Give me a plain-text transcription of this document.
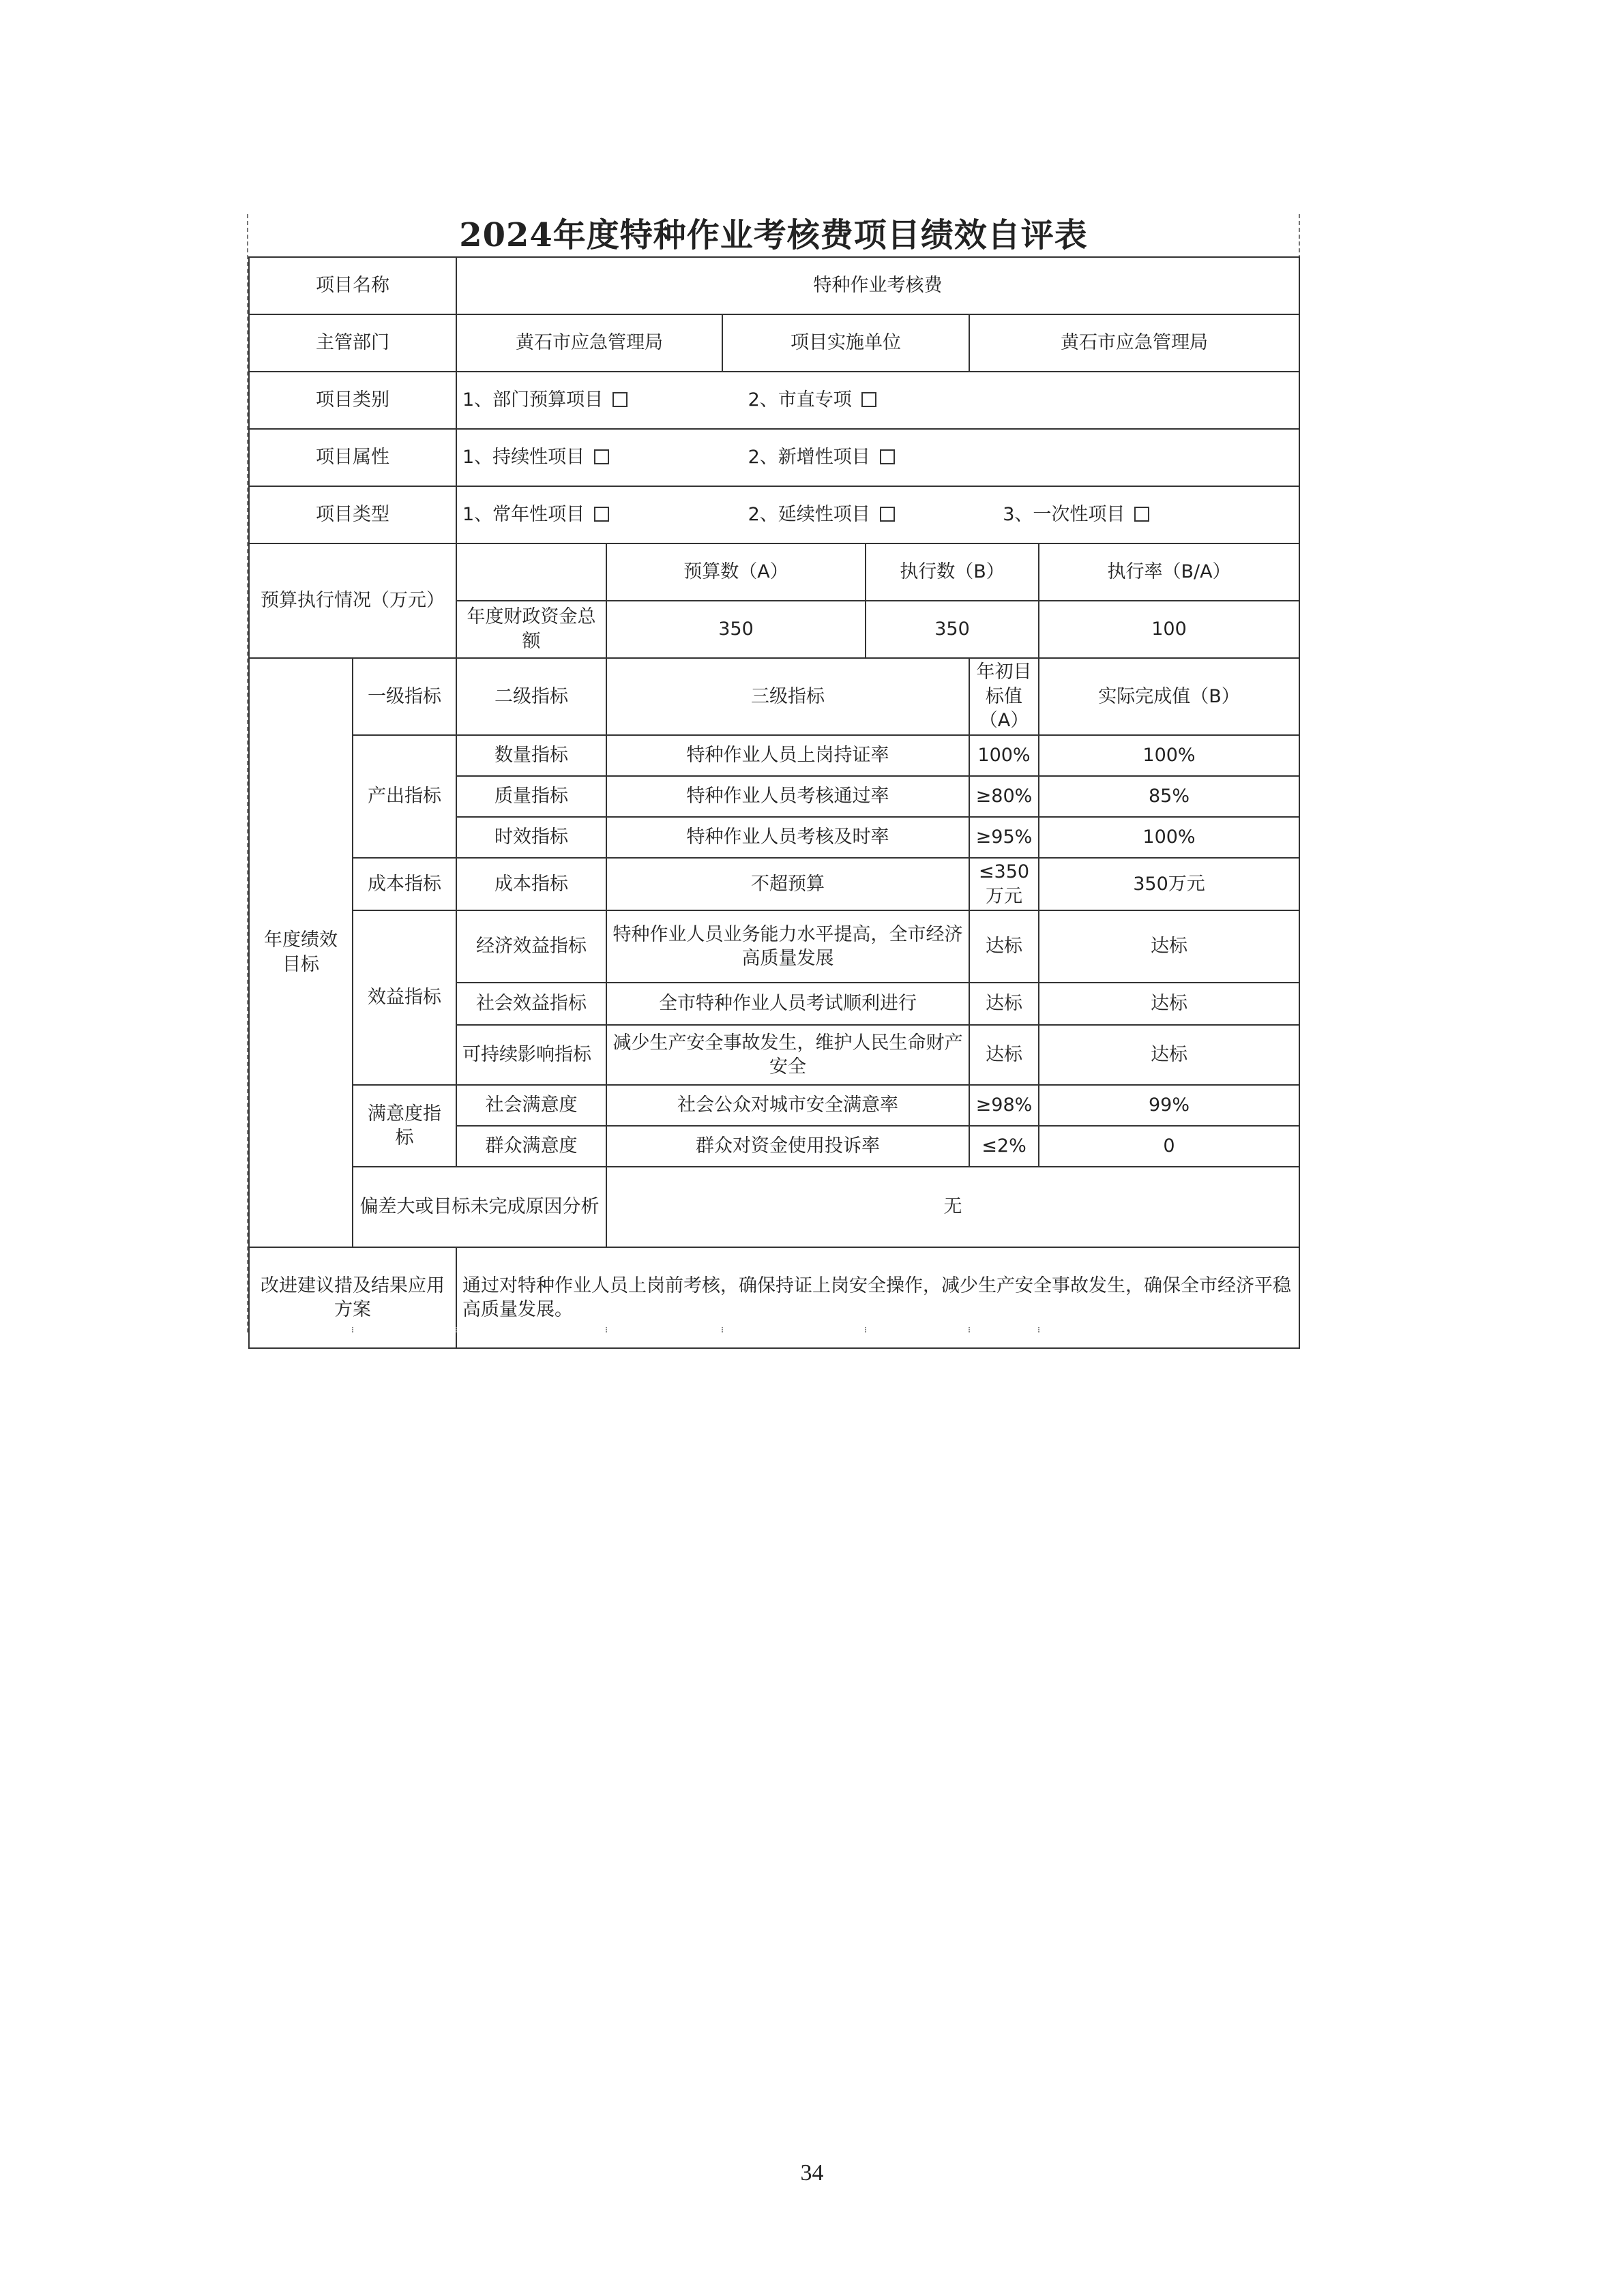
2024年度特种作业考核费项目绩效自评表
项目名称		特种作业考核费					
主管部门		黄石市应急管理局		项目实施单位		黄石市应急管理局	
项目类别		1、部门预算项目 2、市直专项					
项目属性		1、持续性项目 2、新增性项目					
项目类型		1、常年性项目 2、延续性项目 3、一次性项目					
预算执行情况（万元）			预算数（A）		执行数（B）		执行率（B/A）
		年度财政资金总额	350		350		100
年度绩效目标	一级指标	二级指标	三级指标			年初目标值（A）	实际完成值（B）
	产出指标	数量指标	特种作业人员上岗持证率			100%	100%
		质量指标	特种作业人员考核通过率			≥80%	85%
		时效指标	特种作业人员考核及时率			≥95%	100%
	成本指标	成本指标	不超预算			≤350万元	350万元
	效益指标	经济效益指标	特种作业人员业务能力水平提高，全市经济高质量发展			达标	达标
		社会效益指标	全市特种作业人员考试顺利进行			达标	达标
		可持续影响指标	减少生产安全事故发生，维护人民生命财产安全			达标	达标
	满意度指标	社会满意度	社会公众对城市安全满意率			≥98%	99%
		群众满意度	群众对资金使用投诉率			≤2%	0
	偏差大或目标未完成原因分析		无				
改进建议措及结果应用方案		通过对特种作业人员上岗前考核，确保持证上岗安全操作，减少生产安全事故发生，确保全市经济平稳高质量发展。					
34
